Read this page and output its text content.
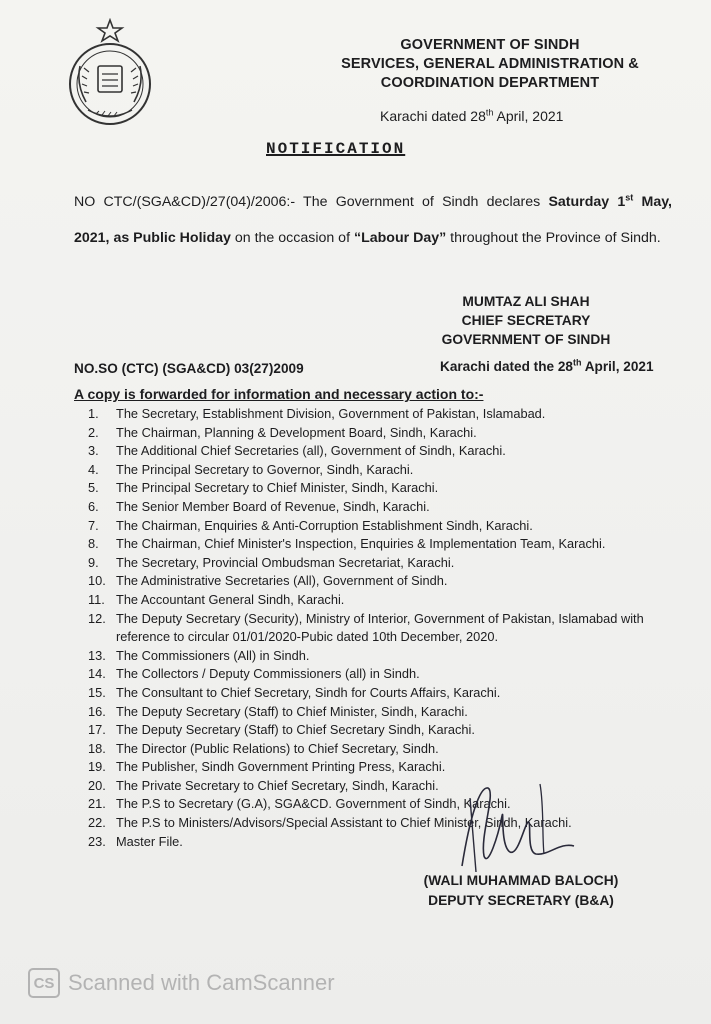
GOVERNMENT OF SINDH
SERVICES, GENERAL ADMINISTRATION &
COORDINATION DEPARTMENT
Karachi dated 28th April, 2021
NOTIFICATION
NO CTC/(SGA&CD)/27(04)/2006:- The Government of Sindh declares Saturday 1st May, 2021, as Public Holiday on the occasion of “Labour Day” throughout the Province of Sindh.
MUMTAZ ALI SHAH
CHIEF SECRETARY
GOVERNMENT OF SINDH
NO.SO (CTC) (SGA&CD) 03(27)2009	Karachi dated the 28th April, 2021
A copy is forwarded for information and necessary action to:-
1.	The Secretary, Establishment Division, Government of Pakistan, Islamabad.
2.	The Chairman, Planning & Development Board, Sindh, Karachi.
3.	The Additional Chief Secretaries (all), Government of Sindh, Karachi.
4.	The Principal Secretary to Governor, Sindh, Karachi.
5.	The Principal Secretary to Chief Minister, Sindh, Karachi.
6.	The Senior Member Board of Revenue, Sindh, Karachi.
7.	The Chairman, Enquiries & Anti-Corruption Establishment Sindh, Karachi.
8.	The Chairman, Chief Minister's Inspection, Enquiries & Implementation Team, Karachi.
9.	The Secretary, Provincial Ombudsman Secretariat, Karachi.
10. The Administrative Secretaries (All), Government of Sindh.
11. The Accountant General Sindh, Karachi.
12. The Deputy Secretary (Security), Ministry of Interior, Government of Pakistan, Islamabad with reference to circular 01/01/2020-Pubic dated 10th December, 2020.
13. The Commissioners (All) in Sindh.
14. The Collectors / Deputy Commissioners (all) in Sindh.
15. The Consultant to Chief Secretary, Sindh for Courts Affairs, Karachi.
16. The Deputy Secretary (Staff) to Chief Minister, Sindh, Karachi.
17. The Deputy Secretary (Staff) to Chief Secretary Sindh, Karachi.
18. The Director (Public Relations) to Chief Secretary, Sindh.
19. The Publisher, Sindh Government Printing Press, Karachi.
20. The Private Secretary to Chief Secretary, Sindh, Karachi.
21. The P.S to Secretary (G.A), SGA&CD. Government of Sindh, Karachi.
22. The P.S to Ministers/Advisors/Special Assistant to Chief Minister, Sindh, Karachi.
23. Master File.
(WALI MUHAMMAD BALOCH)
DEPUTY SECRETARY (B&A)
CS Scanned with CamScanner
